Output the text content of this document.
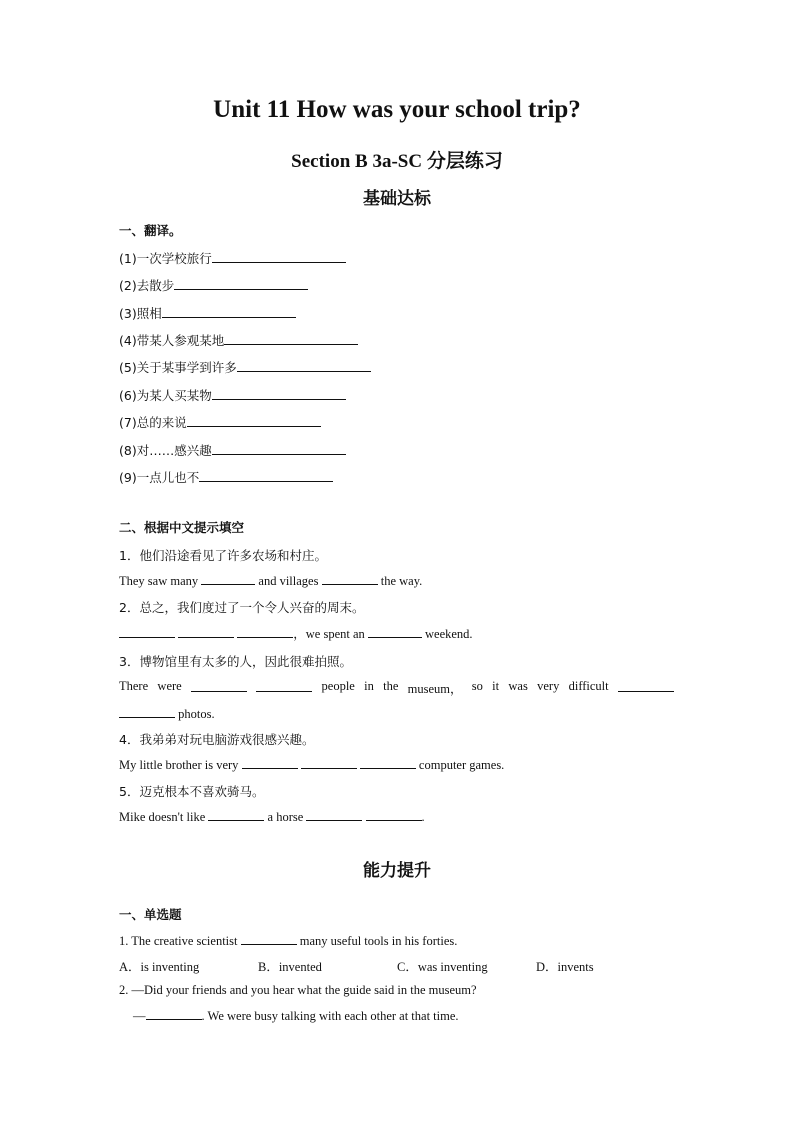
Unit 11 How was your school trip?
Section B 3a-SC 分层练习
基础达标
一、翻译。
(1)一次学校旅行
(2)去散步
(3)照相
(4)带某人参观某地
(5)关于某事学到许多
(6)为某人买某物
(7)总的来说
(8)对……感兴趣
(9)一点儿也不
二、根据中文提示填空
1．他们沿途看见了许多农场和村庄。
They saw many	and villages	the way.
2．总之，我们度过了一个令人兴奋的周末。
，we spent an	weekend.
3．博物馆里有太多的人，因此很难拍照。
There were	people in the museum， so it was very difficult
photos.
4．我弟弟对玩电脑游戏很感兴趣。
My little brother is very	computer games.
5．迈克根本不喜欢骑马。
Mike doesn't like	a horse	.
能力提升
一、单选题
1. The creative scientist	many useful tools in his forties.
A．is inventing	B．invented	C．was inventing	D．invents
2. —Did your friends and you hear what the guide said in the museum?
—	. We were busy talking with each other at that time.
